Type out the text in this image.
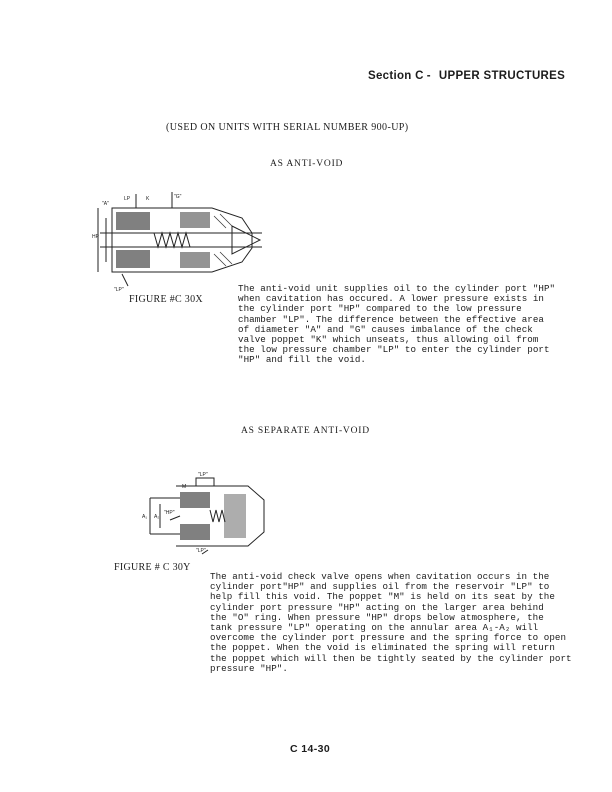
Section C - UPPER STRUCTURES
(USED ON UNITS WITH SERIAL NUMBER 900-UP)
AS ANTI-VOID
"A"
"G"
LP	K
HP
"LP"
FIGURE #C 30X
The anti-void unit supplies oil to the cylinder port "HP"
when cavitation has occured. A lower pressure exists in
the cylinder port "HP" compared to the low pressure
chamber "LP". The difference between the effective area
of diameter "A" and "G" causes imbalance of the check
valve poppet "K" which unseats, thus allowing oil from
the low pressure chamber "LP" to enter the cylinder port
"HP" and fill the void.
AS SEPARATE ANTI-VOID
"LP"
M
A₁ A₂
"HP"
"LP"
FIGURE # C 30Y
The anti-void check valve opens when cavitation occurs in the
cylinder port"HP" and supplies oil from the reservoir "LP" to
help fill this void. The poppet "M" is held on its seat by the
cylinder port pressure "HP" acting on the larger area behind
the "O" ring. When pressure "HP" drops below atmosphere, the
tank pressure "LP" operating on the annular area A₁-A₂ will
overcome the cylinder port pressure and the spring force to open
the poppet. When the void is eliminated the spring will return
the poppet which will then be tightly seated by the cylinder port
pressure "HP".
C 14-30
